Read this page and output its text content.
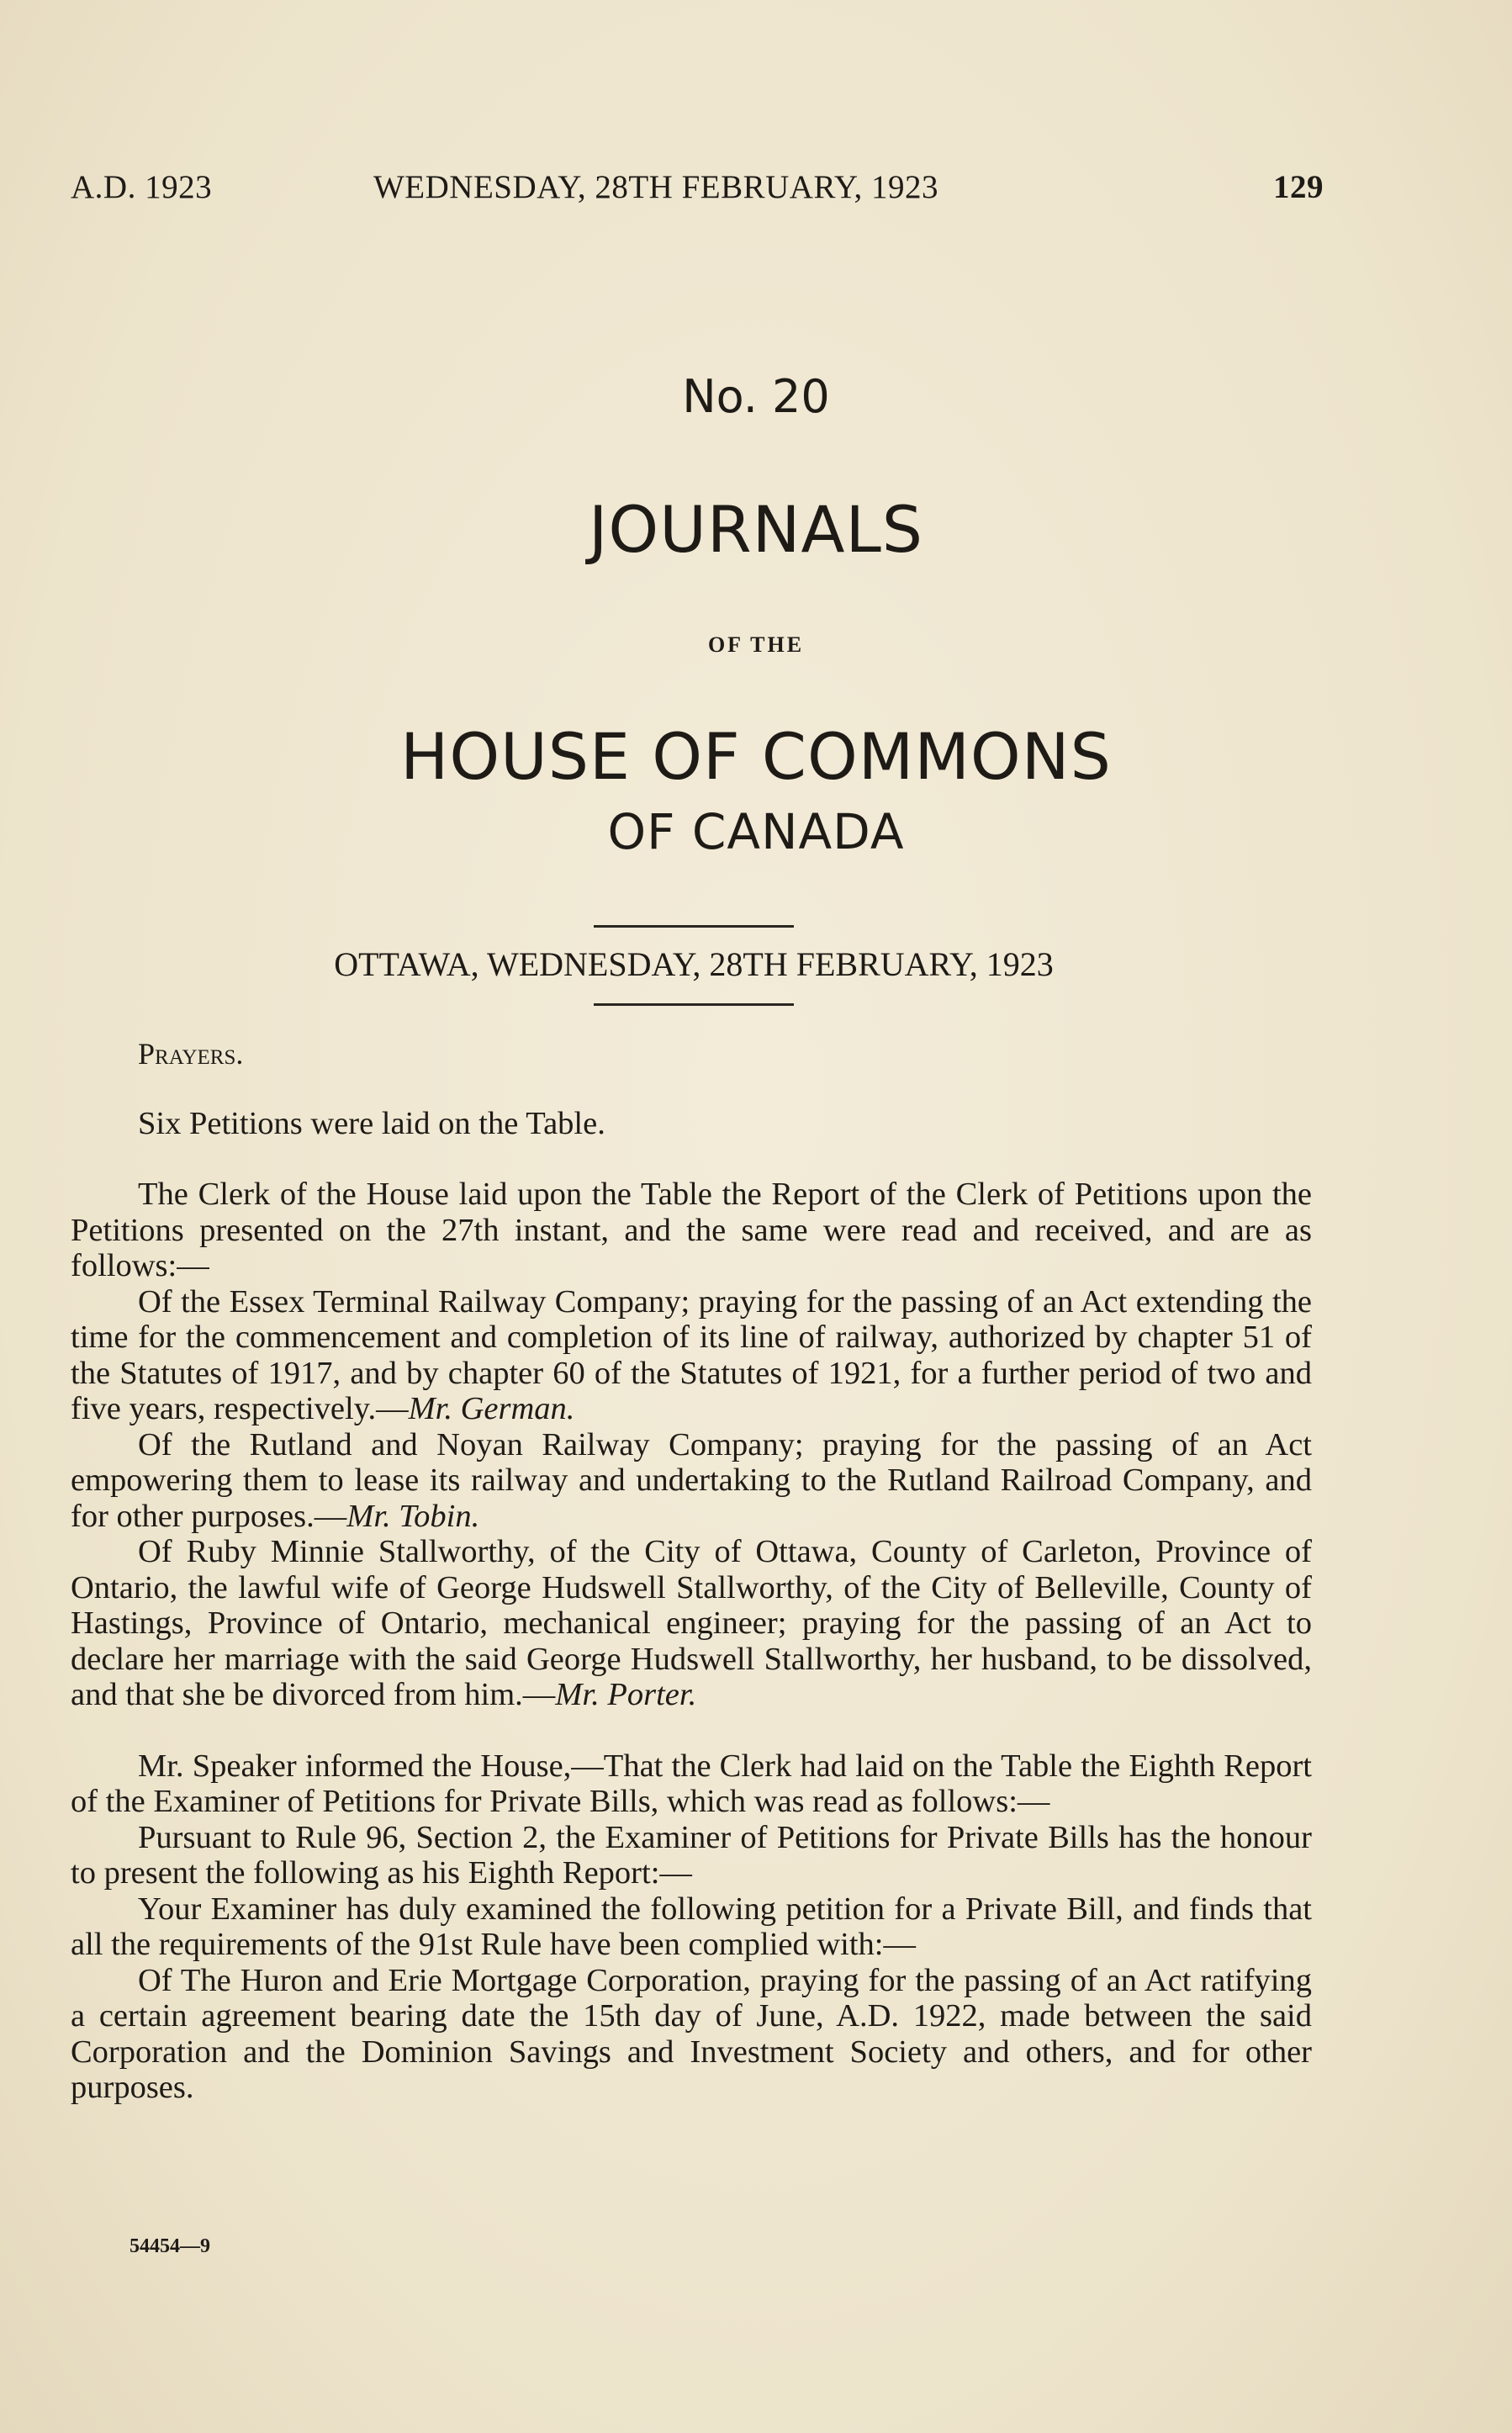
A.D. 1923	WEDNESDAY, 28TH FEBRUARY, 1923	129
No. 20
JOURNALS
OF THE
HOUSE OF COMMONS
OF CANADA
OTTAWA, WEDNESDAY, 28TH FEBRUARY, 1923

Prayers.

Six Petitions were laid on the Table.

The Clerk of the House laid upon the Table the Report of the Clerk of Petitions upon the Petitions presented on the 27th instant, and the same were read and received, and are as follows:—

Of the Essex Terminal Railway Company; praying for the passing of an Act extending the time for the commencement and completion of its line of railway, authorized by chapter 51 of the Statutes of 1917, and by chapter 60 of the Statutes of 1921, for a further period of two and five years, respectively.—Mr. German.

Of the Rutland and Noyan Railway Company; praying for the passing of an Act empowering them to lease its railway and undertaking to the Rutland Railroad Company, and for other purposes.—Mr. Tobin.

Of Ruby Minnie Stallworthy, of the City of Ottawa, County of Carleton, Province of Ontario, the lawful wife of George Hudswell Stallworthy, of the City of Belleville, County of Hastings, Province of Ontario, mechanical engineer; praying for the passing of an Act to declare her marriage with the said George Hudswell Stallworthy, her husband, to be dissolved, and that she be divorced from him.—Mr. Porter.

Mr. Speaker informed the House,—That the Clerk had laid on the Table the Eighth Report of the Examiner of Petitions for Private Bills, which was read as follows:—

Pursuant to Rule 96, Section 2, the Examiner of Petitions for Private Bills has the honour to present the following as his Eighth Report:—

Your Examiner has duly examined the following petition for a Private Bill, and finds that all the requirements of the 91st Rule have been complied with:—

Of The Huron and Erie Mortgage Corporation, praying for the passing of an Act ratifying a certain agreement bearing date the 15th day of June, A.D. 1922, made between the said Corporation and the Dominion Savings and Investment Society and others, and for other purposes.

54454—9
